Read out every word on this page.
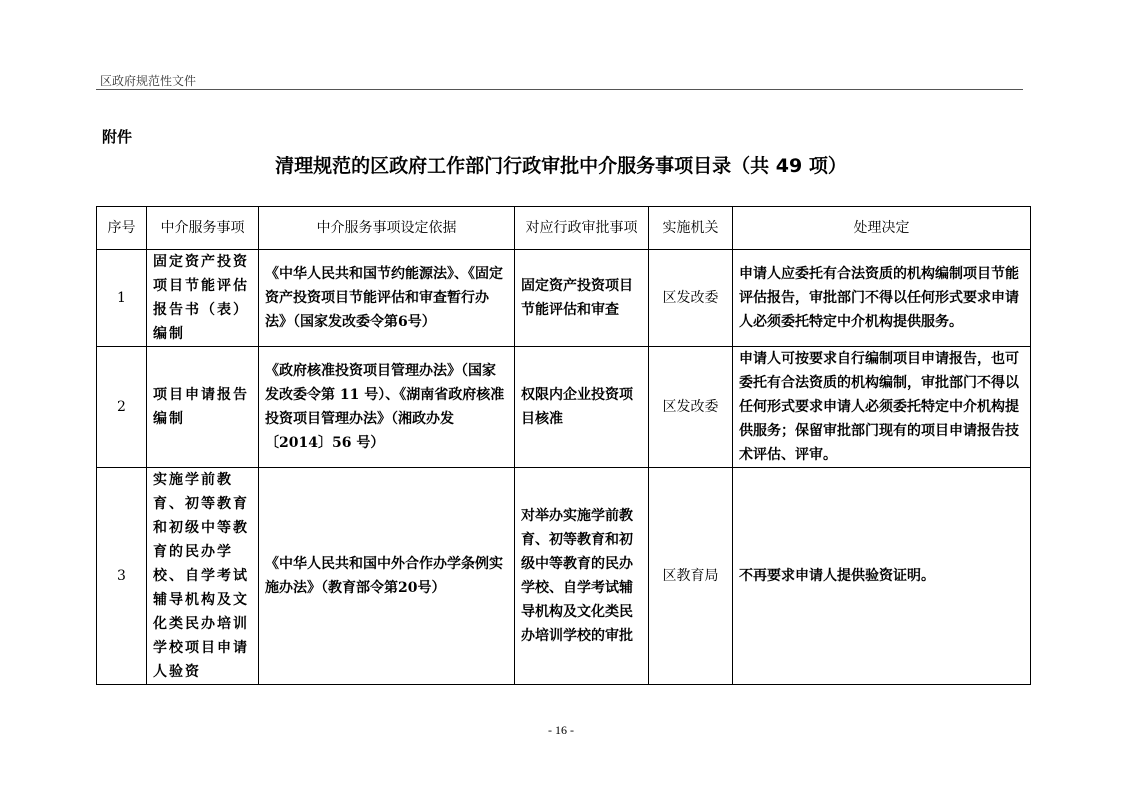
区政府规范性文件
附件
清理规范的区政府工作部门行政审批中介服务事项目录（共 49 项）
序号	中介服务事项	中介服务事项设定依据	对应行政审批事项	实施机关	处理决定
1	固定资产投资项目节能评估报告书（表）编制	《中华人民共和国节约能源法》、《固定资产投资项目节能评估和审查暂行办法》（国家发改委令第6号）	固定资产投资项目节能评估和审查	区发改委	申请人应委托有合法资质的机构编制项目节能评估报告，审批部门不得以任何形式要求申请人必须委托特定中介机构提供服务。
2	项目申请报告编制	《政府核准投资项目管理办法》（国家发改委令第 11 号）、《湖南省政府核准投资项目管理办法》（湘政办发〔2014〕56 号）	权限内企业投资项目核准	区发改委	申请人可按要求自行编制项目申请报告，也可委托有合法资质的机构编制，审批部门不得以任何形式要求申请人必须委托特定中介机构提供服务；保留审批部门现有的项目申请报告技术评估、评审。
3	实施学前教育、初等教育和初级中等教育的民办学校、自学考试辅导机构及文化类民办培训学校项目申请人验资	《中华人民共和国中外合作办学条例实施办法》（教育部令第20号）	对举办实施学前教育、初等教育和初级中等教育的民办学校、自学考试辅导机构及文化类民办培训学校的审批	区教育局	不再要求申请人提供验资证明。
- 16 -
